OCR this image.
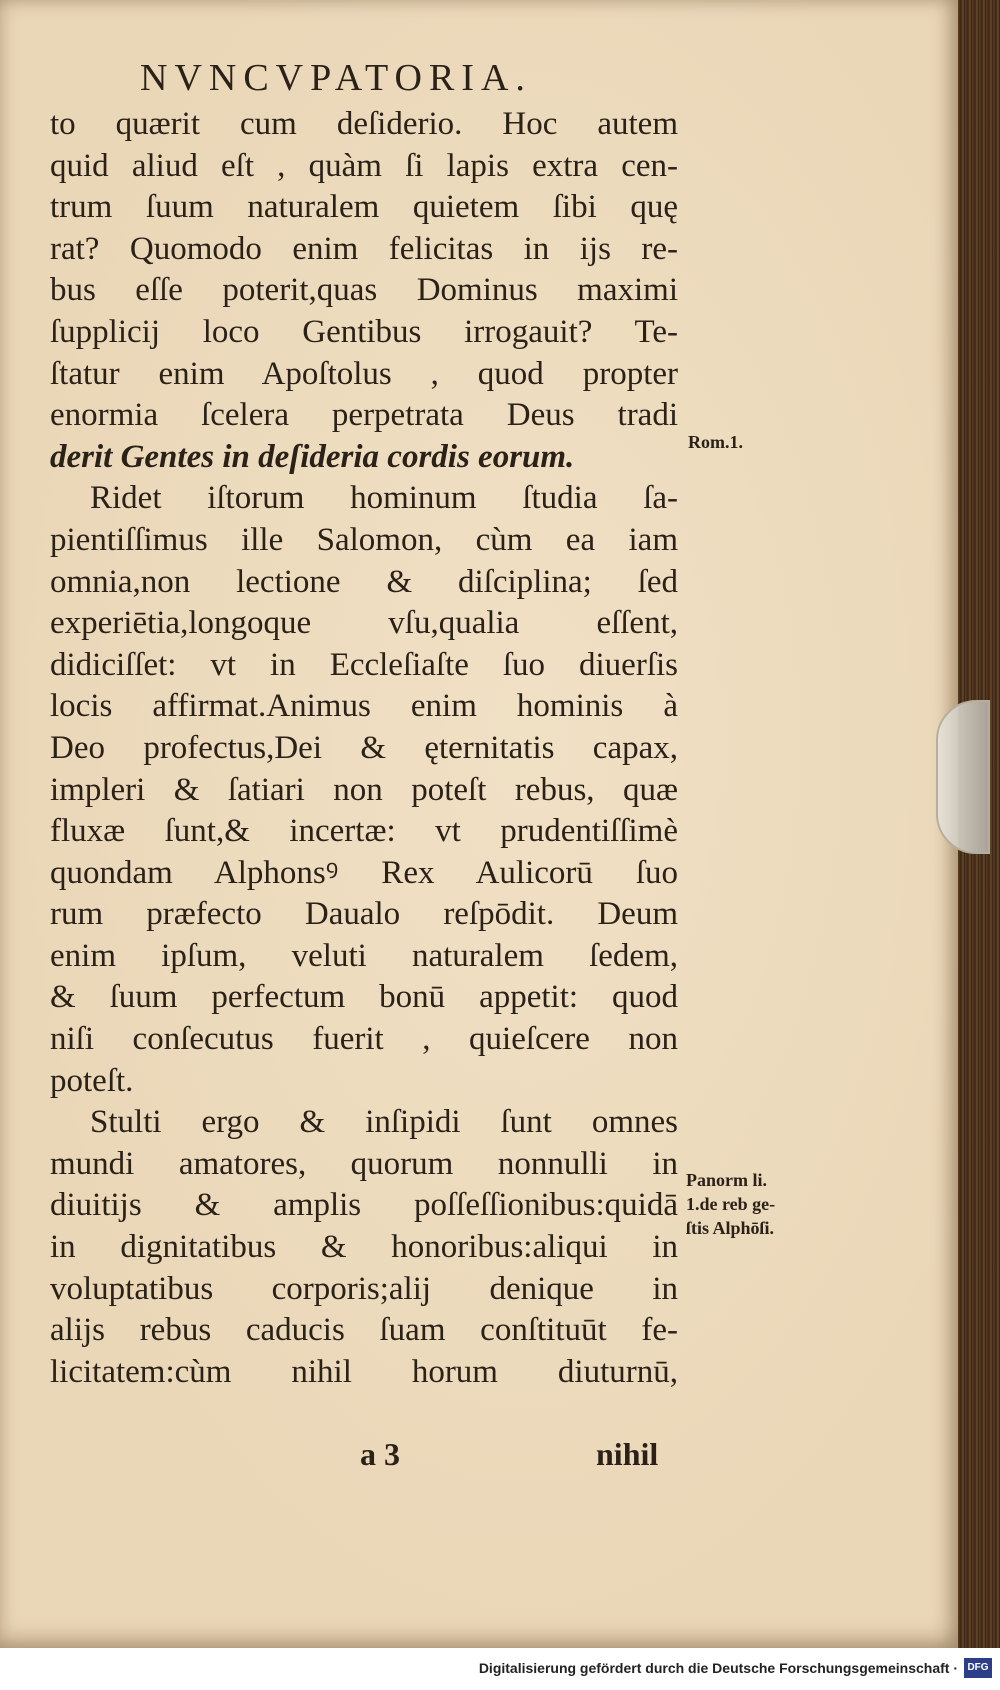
NVNCVPATORIA.
to quærit cum deſiderio. Hoc autem
quid aliud eſt , quàm ſi lapis extra cen-
trum ſuum naturalem quietem ſibi quę
rat? Quomodo enim felicitas in ijs re-
bus eſſe poterit,quas Dominus maximi
ſupplicij loco Gentibus irrogauit? Te-
ſtatur enim Apoſtolus , quod propter
enormia ſcelera perpetrata Deus tradi
derit Gentes in deſideria cordis eorum.
Ridet iſtorum hominum ſtudia ſa-
pientiſſimus ille Salomon, cùm ea iam
omnia,non lectione & diſciplina; ſed
experiētia,longoque vſu,qualia eſſent,
didiciſſet: vt in Eccleſiaſte ſuo diuerſis
locis affirmat.Animus enim hominis à
Deo profectus,Dei & ęternitatis capax,
impleri & ſatiari non poteſt rebus, quæ
fluxæ ſunt,& incertæ: vt prudentiſſimè
quondam Alphonsꝰ Rex Aulicorū ſuo
rum præfecto Daualo reſpōdit. Deum
enim ipſum, veluti naturalem ſedem,
& ſuum perfectum bonū appetit: quod
niſi conſecutus fuerit , quieſcere non
poteſt.
Stulti ergo & inſipidi ſunt omnes
mundi amatores, quorum nonnulli in
diuitijs & amplis poſſeſſionibus:quidā
in dignitatibus & honoribus:aliqui in
voluptatibus corporis;alij denique in
alijs rebus caducis ſuam conſtituūt fe-
licitatem:cùm nihil horum diuturnū,
Rom.1.
Panorm li.
1.de reb ge-
ſtis Alphōſi.
a 3	nihil
Digitalisierung gefördert durch die Deutsche Forschungsgemeinschaft · DFG
